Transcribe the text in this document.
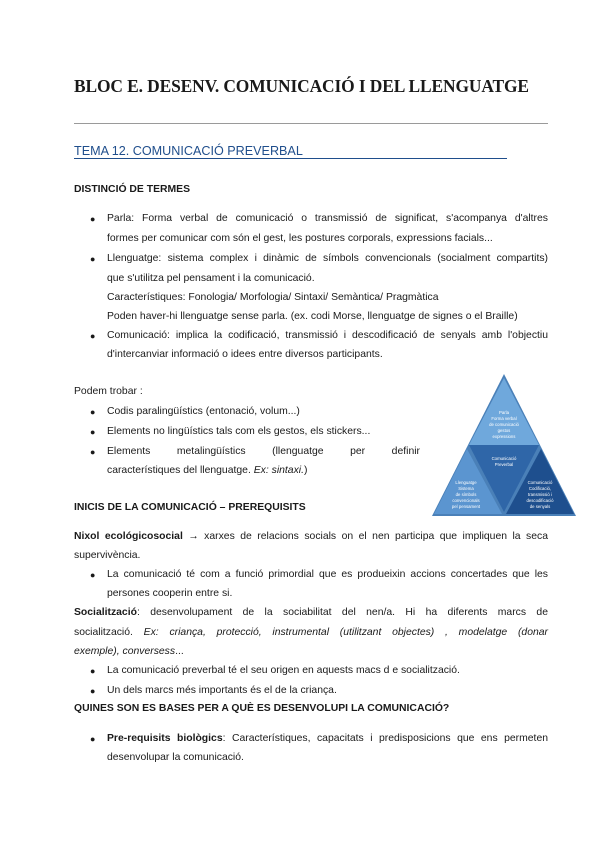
BLOC E. DESENV. COMUNICACIÓ I DEL LLENGUATGE
TEMA 12. COMUNICACIÓ PREVERBAL
DISTINCIÓ DE TERMES
● Parla: Forma verbal de comunicació o transmissió de significat, s'acompanya d'altres
formes per comunicar com són el gest, les postures corporals, expressions facials...
● Llenguatge: sistema complex i dinàmic de símbols convencionals (socialment compartits)
que s'utilitza pel pensament i la comunicació.
Característiques: Fonologia/ Morfologia/ Sintaxi/ Semàntica/ Pragmàtica
Poden haver-hi llenguatge sense parla. (ex. codi Morse, llenguatge de signes o el Braille)
● Comunicació: implica la codificació, transmissió i descodificació de senyals amb l'objectiu
d'intercanviar informació o idees entre diversos participants.
Podem trobar :
● Codis paralingüístics (entonació, volum...)
● Elements no lingüístics tals com els gestos, els stickers...
● Elements metalingüístics (llenguatge per definir
característiques del llenguatge. Ex: sintaxi.)
Parla
Forma verbal
de comunicació
gestos
expressions
Comunicació
Preverbal
Llenguatge
Sistema
de símbols
convencionals
pel pensament
Comunicació
Codificació,
transmissió i
descodificació
de senyals
INICIS DE LA COMUNICACIÓ – PREREQUISITS
Nixol ecológicosocial → xarxes de relacions socials on el nen participa que impliquen la seca
supervivència.
● La comunicació té com a funció primordial que es produeixin accions concertades que les
persones cooperin entre si.
Socialització: desenvolupament de la sociabilitat del nen/a. Hi ha diferents marcs de
socialització. Ex: criança, protecció, instrumental (utilitzant objectes) , modelatge (donar
exemple), conversess...
● La comunicació preverbal té el seu origen en aquests macs d e socialització.
● Un dels marcs més importants és el de la criança.
QUINES SON ES BASES PER A QUÈ ES DESENVOLUPI LA COMUNICACIÓ?
● Pre-requisits biològics: Característiques, capacitats i predisposicions que ens permeten
desenvolupar la comunicació.
